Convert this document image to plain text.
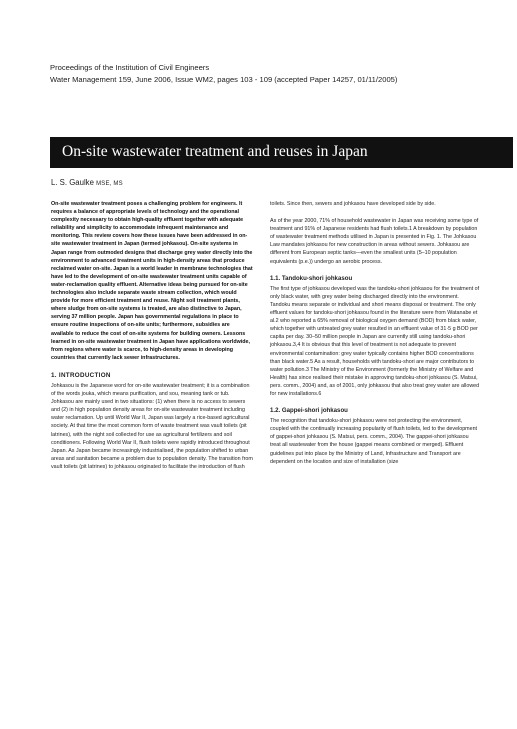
Proceedings of the Institution of Civil Engineers
Water Management 159, June 2006, Issue WM2, pages 103 - 109 (accepted Paper 14257, 01/11/2005)
On-site wastewater treatment and reuses in Japan
L. S. Gaulke MSE, MS

On-site wastewater treatment poses a challenging problem for engineers. It requires a balance of appropriate levels of technology and the operational complexity necessary to obtain high-quality effluent together with adequate reliability and simplicity to accommodate infrequent maintenance and monitoring. This review covers how these issues have been addressed in on-site wastewater treatment in Japan (termed johkasou). On-site systems in Japan range from outmoded designs that discharge grey water directly into the environment to advanced treatment units in high-density areas that produce reclaimed water on-site. Japan is a world leader in membrane technologies that have led to the development of on-site wastewater treatment units capable of water-reclamation quality effluent. Alternative ideas being pursued for on-site technologies also include separate waste stream collection, which would provide for more efficient treatment and reuse. Night soil treatment plants, where sludge from on-site systems is treated, are also distinctive to Japan, serving 37 million people. Japan has governmental regulations in place to ensure routine inspections of on-site units; furthermore, subsidies are available to reduce the cost of on-site systems for building owners. Lessons learned in on-site wastewater treatment in Japan have applications worldwide, from regions where water is scarce, to high-density areas in developing countries that currently lack sewer infrastructures.

1. INTRODUCTION

Johkasou is the Japanese word for on-site wastewater treatment; it is a combination of the words jouka, which means purification, and sou, meaning tank or tub. Johkasou are mainly used in two situations: (1) when there is no access to sewers and (2) in high population density areas for on-site wastewater treatment including water reclamation. Up until World War II, Japan was largely a rice-based agricultural society. At that time the most common form of waste treatment was vault toilets (pit latrines), with the night soil collected for use as agricultural fertilizers and soil conditioners. Following World War II, flush toilets were rapidly introduced throughout Japan. As Japan became increasingly industrialised, the population shifted to urban areas and sanitation became a problem due to population density. The transition from vault toilets (pit latrines) to johkasou originated to facilitate the introduction of flush

toilets. Since then, sewers and johkasou have developed side by side.

As of the year 2000, 71% of household wastewater in Japan was receiving some type of treatment and 91% of Japanese residents had flush toilets.1 A breakdown by population of wastewater treatment methods utilised in Japan is presented in Fig. 1. The Johkasou Law mandates johkasou for new construction in areas without sewers. Johkasou are different from European septic tanks—even the smallest units (5–10 population equivalents (p.e.)) undergo an aerobic process.

1.1. Tandoku-shori johkasou

The first type of johkasou developed was the tandoku-shori johkasou for the treatment of only black water, with grey water being discharged directly into the environment. Tandoku means separate or individual and shori means disposal or treatment. The only effluent values for tandoku-shori johkasou found in the literature were from Watanabe et al.2 who reported a 65% removal of biological oxygen demand (BOD) from black water, which together with untreated grey water resulted in an effluent value of 31·5 g BOD per capita per day. 30–50 million people in Japan are currently still using tandoku-shori johkasou.3,4 It is obvious that this level of treatment is not adequate to prevent environmental contamination: grey water typically contains higher BOD concentrations than black water.5 As a result, households with tandoku-shori are major contributors to water pollution.3 The Ministry of the Environment (formerly the Ministry of Welfare and Health) has since realised their mistake in approving tandoku-shori johkasou (S. Matsui, pers. comm., 2004) and, as of 2001, only johkasou that also treat grey water are allowed for new installations.6

1.2. Gappei-shori johkasou

The recognition that tandoku-shori johkasou were not protecting the environment, coupled with the continually increasing popularity of flush toilets, led to the development of gappei-shori johkasou (S. Matsui, pers. comm., 2004). The gappei-shori johkasou treat all wastewater from the house (gappei means combined or merged). Effluent guidelines put into place by the Ministry of Land, Infrastructure and Transport are dependent on the location and size of installation (size
